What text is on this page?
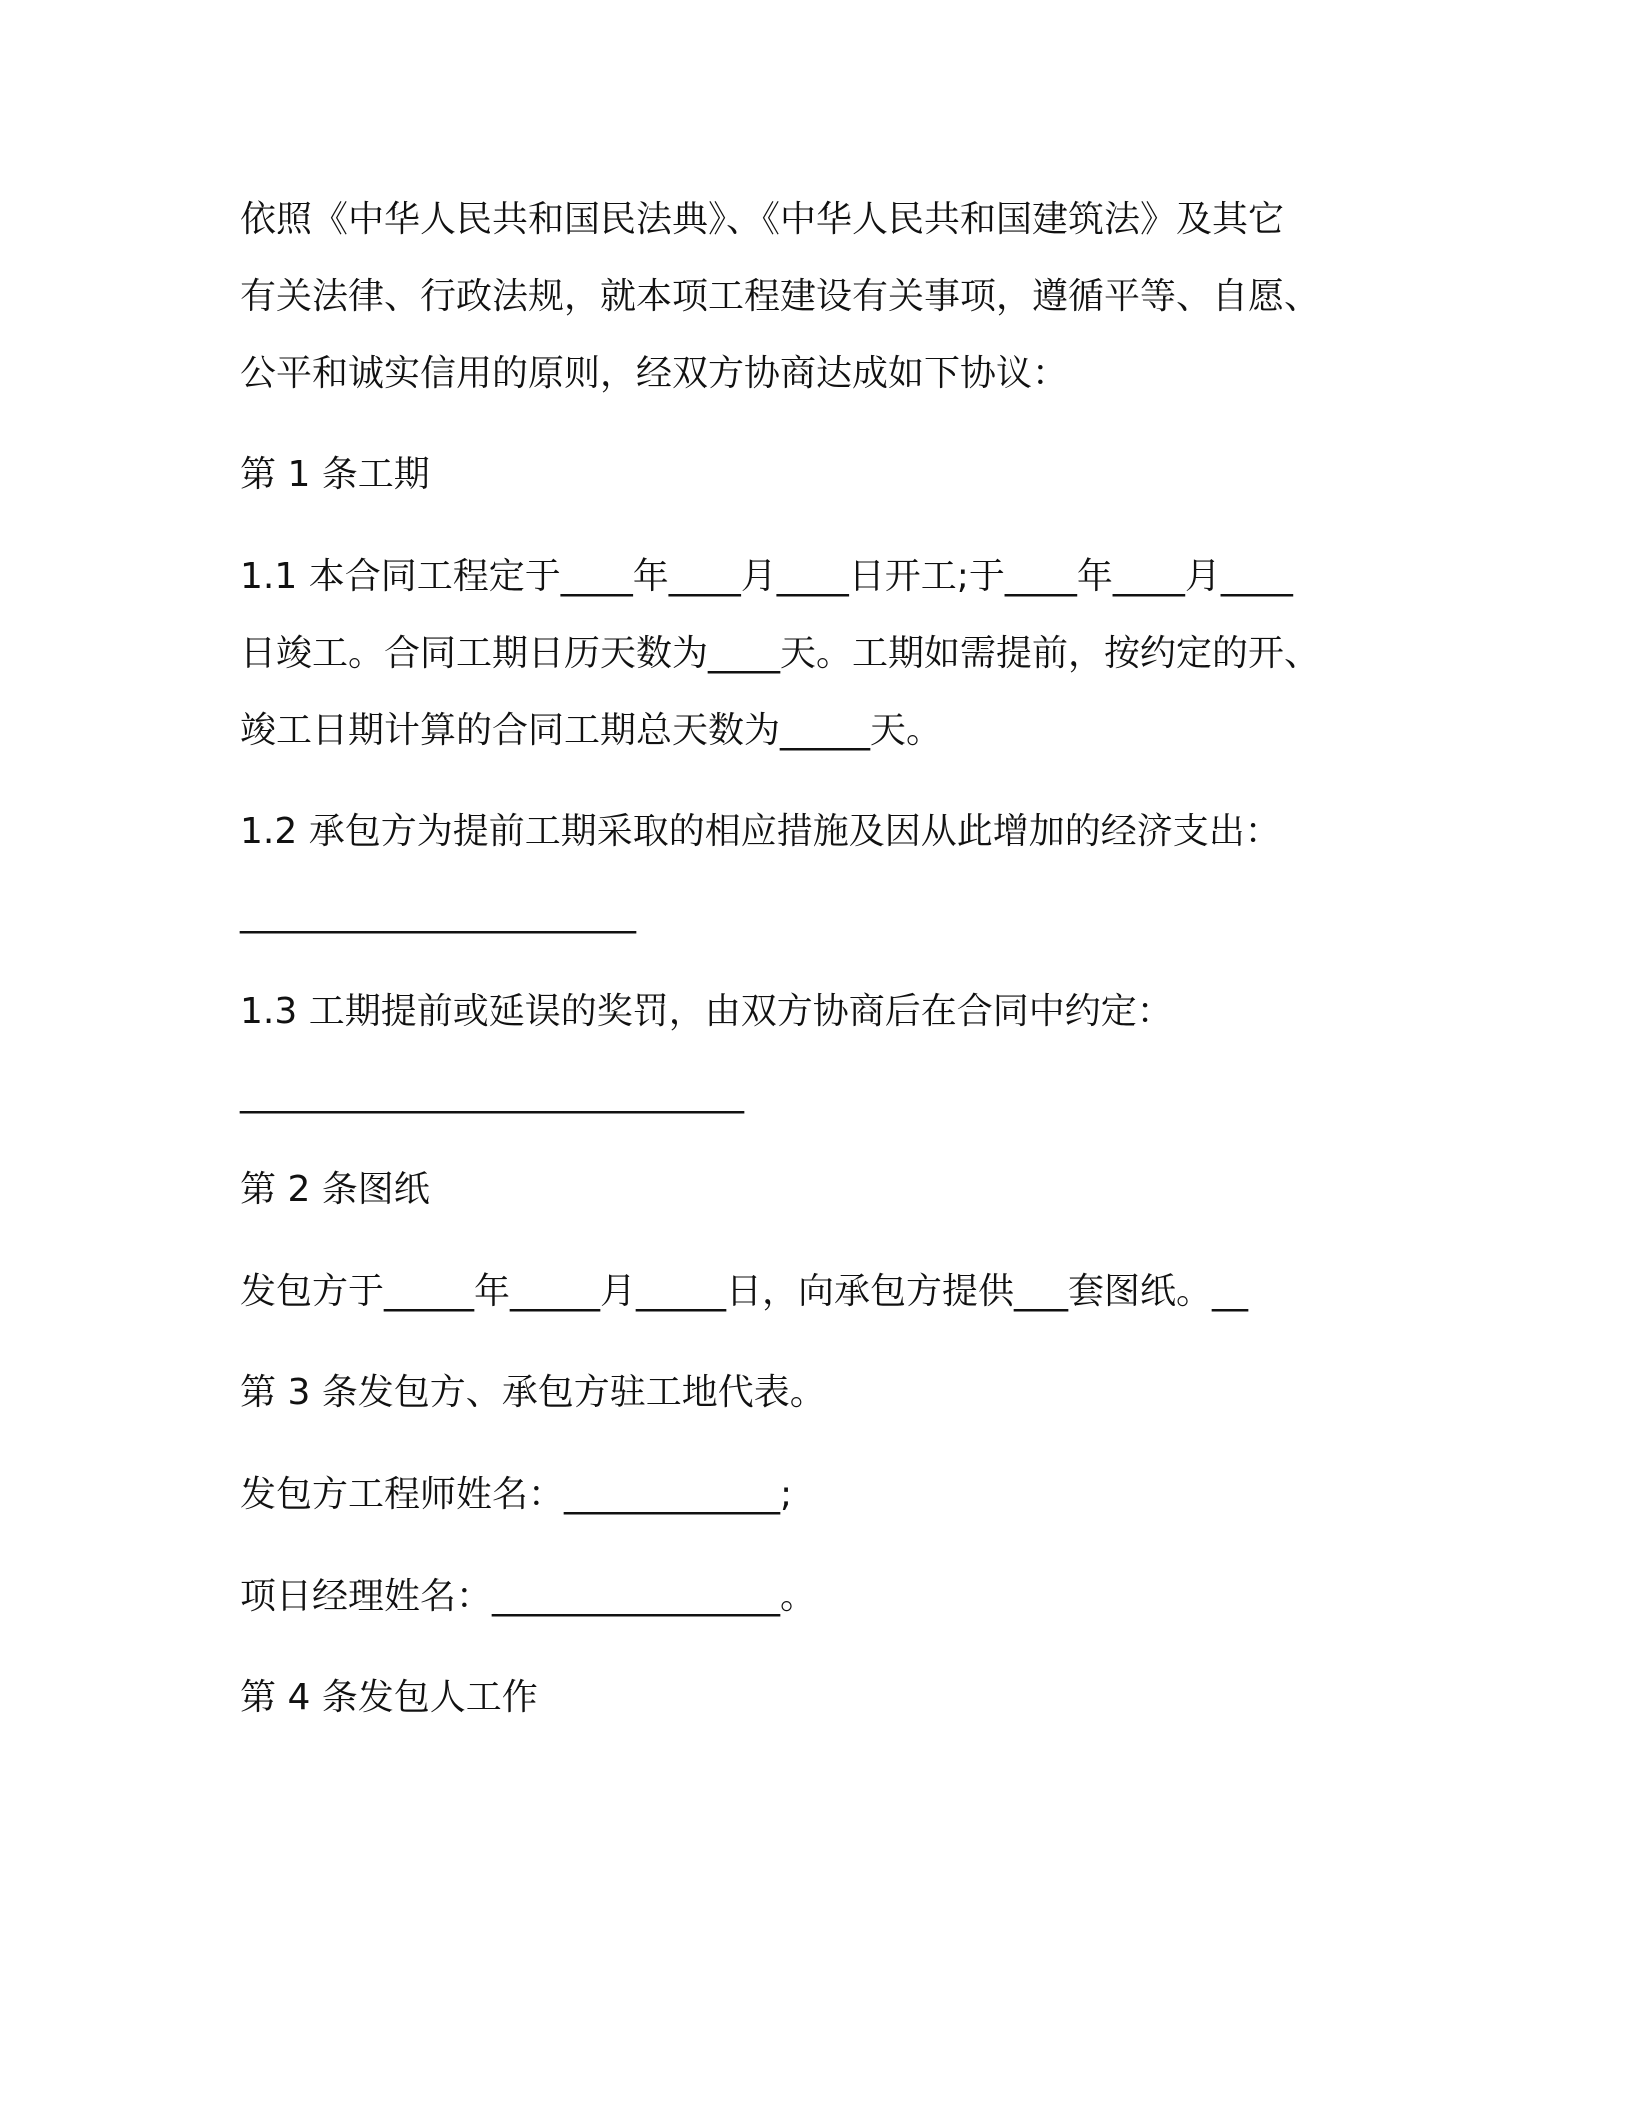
依照《中华人民共和国民法典》、《中华人民共和国建筑法》及其它
有关法律、行政法规，就本项工程建设有关事项，遵循平等、自愿、
公平和诚实信用的原则，经双方协商达成如下协议：
第 1 条工期
1.1 本合同工程定于____年____月____日开工;于____年____月____
日竣工。合同工期日历天数为____天。工期如需提前，按约定的开、
竣工日期计算的合同工期总天数为_____天。
1.2 承包方为提前工期采取的相应措施及因从此增加的经济支出：
______________________
1.3 工期提前或延误的奖罚，由双方协商后在合同中约定：
____________________________
第 2 条图纸
发包方于_____年_____月_____日，向承包方提供___套图纸。__
第 3 条发包方、承包方驻工地代表。
发包方工程师姓名：____________;
项日经理姓名：________________。
第 4 条发包人工作
